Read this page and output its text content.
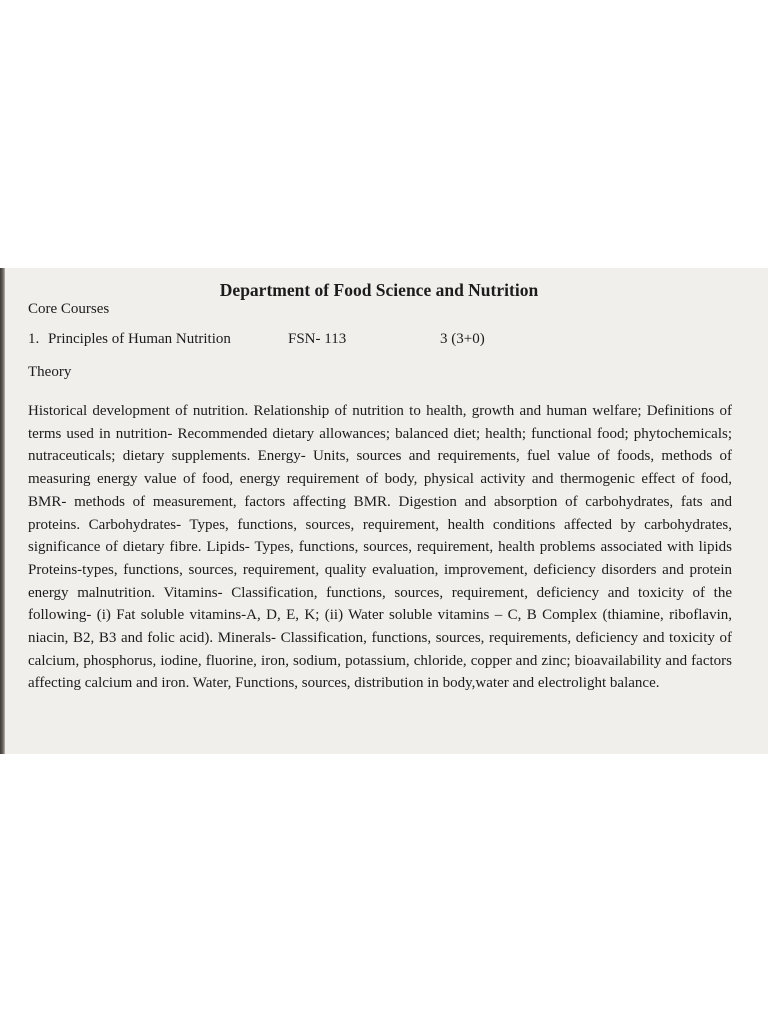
Department of Food Science and Nutrition
Core Courses
1. Principles of Human Nutrition	FSN- 113	3 (3+0)
Theory
Historical development of nutrition. Relationship of nutrition to health, growth and human welfare; Definitions of terms used in nutrition- Recommended dietary allowances; balanced diet; health; functional food; phytochemicals; nutraceuticals; dietary supplements. Energy- Units, sources and requirements, fuel value of foods, methods of measuring energy value of food, energy requirement of body, physical activity and thermogenic effect of food, BMR- methods of measurement, factors affecting BMR. Digestion and absorption of carbohydrates, fats and proteins. Carbohydrates- Types, functions, sources, requirement, health conditions affected by carbohydrates, significance of dietary fibre. Lipids- Types, functions, sources, requirement, health problems associated with lipids Proteins-types, functions, sources, requirement, quality evaluation, improvement, deficiency disorders and protein energy malnutrition. Vitamins- Classification, functions, sources, requirement, deficiency and toxicity of the following- (i) Fat soluble vitamins-A, D, E, K; (ii) Water soluble vitamins – C, B Complex (thiamine, riboflavin, niacin, B2, B3 and folic acid). Minerals- Classification, functions, sources, requirements, deficiency and toxicity of calcium, phosphorus, iodine, fluorine, iron, sodium, potassium, chloride, copper and zinc; bioavailability and factors affecting calcium and iron. Water, Functions, sources, distribution in body,water and electrolight balance.
